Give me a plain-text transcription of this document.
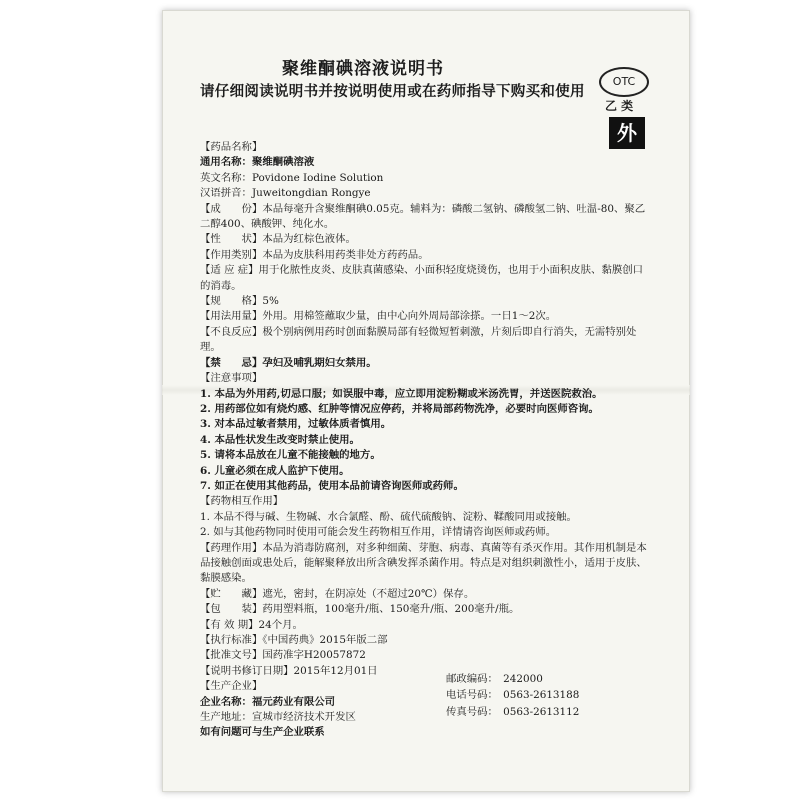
聚维酮碘溶液说明书
请仔细阅读说明书并按说明使用或在药师指导下购买和使用
OTC
乙 类
外
【药品名称】
通用名称：聚维酮碘溶液
英文名称：Povidone Iodine Solution
汉语拼音：Juweitongdian Rongye
【成　　份】本品每毫升含聚维酮碘0.05克。辅料为：磷酸二氢钠、磷酸氢二钠、吐温-80、聚乙二醇400、碘酸钾、纯化水。
【性　　状】本品为红棕色液体。
【作用类别】本品为皮肤科用药类非处方药药品。
【适 应 症】用于化脓性皮炎、皮肤真菌感染、小面积轻度烧烫伤，也用于小面积皮肤、黏膜创口的消毒。
【规　　格】5%
【用法用量】外用。用棉签蘸取少量，由中心向外周局部涂搽。一日1～2次。
【不良反应】极个别病例用药时创面黏膜局部有轻微短暂刺激，片刻后即自行消失，无需特别处理。
【禁　　忌】孕妇及哺乳期妇女禁用。
【注意事项】
1. 本品为外用药,切忌口服；如误服中毒，应立即用淀粉糊或米汤洗胃，并送医院救治。
2. 用药部位如有烧灼感、红肿等情况应停药，并将局部药物洗净，必要时向医师咨询。
3. 对本品过敏者禁用，过敏体质者慎用。
4. 本品性状发生改变时禁止使用。
5. 请将本品放在儿童不能接触的地方。
6. 儿童必须在成人监护下使用。
7. 如正在使用其他药品，使用本品前请咨询医师或药师。
【药物相互作用】
1. 本品不得与碱、生物碱、水合氯醛、酚、硫代硫酸钠、淀粉、鞣酸同用或接触。
2. 如与其他药物同时使用可能会发生药物相互作用，详情请咨询医师或药师。
【药理作用】本品为消毒防腐剂，对多种细菌、芽胞、病毒、真菌等有杀灭作用。其作用机制是本品接触创面或患处后，能解聚释放出所含碘发挥杀菌作用。特点是对组织刺激性小，适用于皮肤、黏膜感染。
【贮　　藏】遮光，密封，在阴凉处（不超过20℃）保存。
【包　　装】药用塑料瓶，100毫升/瓶、150毫升/瓶、200毫升/瓶。
【有 效 期】24个月。
【执行标准】《中国药典》2015年版二部
【批准文号】国药准字H20057872
【说明书修订日期】2015年12月01日
邮政编码：　242000
【生产企业】
企业名称：福元药业有限公司
电话号码：　0563-2613188
生产地址：宣城市经济技术开发区	传真号码：　0563-2613112
如有问题可与生产企业联系
